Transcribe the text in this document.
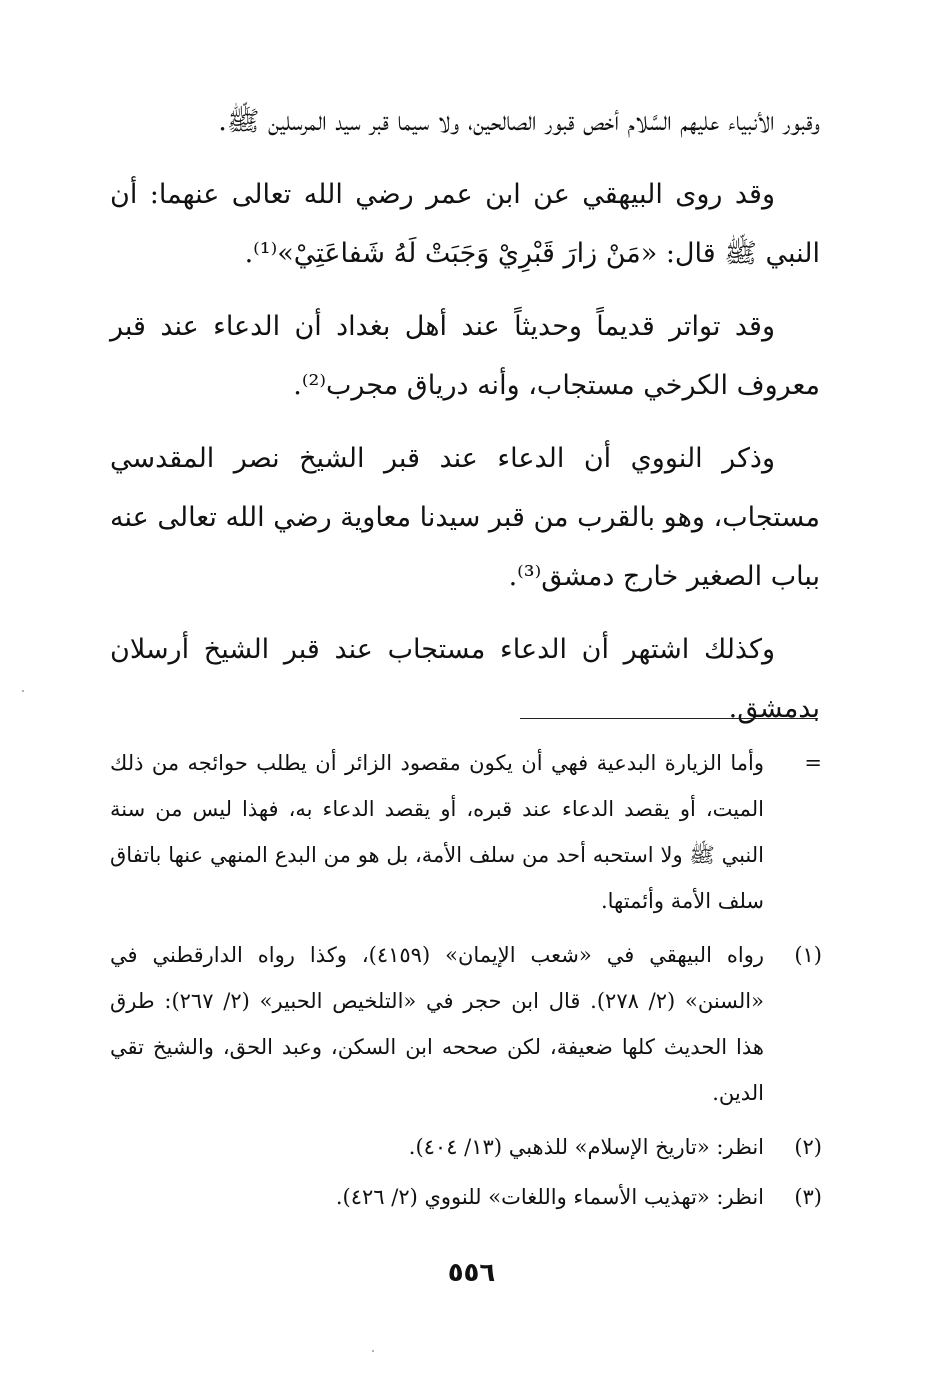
وقبور الأنبياء عليهم السَّلام أخص قبور الصالحين، ولا سيما قبر سيد المرسلين ﷺ.

وقد روى البيهقي عن ابن عمر رضي الله تعالى عنهما: أن النبي ﷺ قال: «مَنْ زارَ قَبْرِيْ وَجَبَتْ لَهُ شَفاعَتِيْ»⁽¹⁾.

وقد تواتر قديماً وحديثاً عند أهل بغداد أن الدعاء عند قبر معروف الكرخي مستجاب، وأنه درياق مجرب⁽²⁾.

وذكر النووي أن الدعاء عند قبر الشيخ نصر المقدسي مستجاب، وهو بالقرب من قبر سيدنا معاوية رضي الله تعالى عنه بباب الصغير خارج دمشق⁽³⁾.

وكذلك اشتهر أن الدعاء مستجاب عند قبر الشيخ أرسلان بدمشق.

=
وأما الزيارة البدعية فهي أن يكون مقصود الزائر أن يطلب حوائجه من ذلك الميت، أو يقصد الدعاء عند قبره، أو يقصد الدعاء به، فهذا ليس من سنة النبي ﷺ ولا استحبه أحد من سلف الأمة، بل هو من البدع المنهي عنها باتفاق سلف الأمة وأئمتها.
(١)
رواه البيهقي في «شعب الإيمان» (٤١٥٩)، وكذا رواه الدارقطني في «السنن» (٢/ ٢٧٨). قال ابن حجر في «التلخيص الحبير» (٢/ ٢٦٧): طرق هذا الحديث كلها ضعيفة، لكن صححه ابن السكن، وعبد الحق، والشيخ تقي الدين.
(٢)
انظر: «تاريخ الإسلام» للذهبي (١٣/ ٤٠٤).
(٣)
انظر: «تهذيب الأسماء واللغات» للنووي (٢/ ٤٢٦).
٥٥٦
